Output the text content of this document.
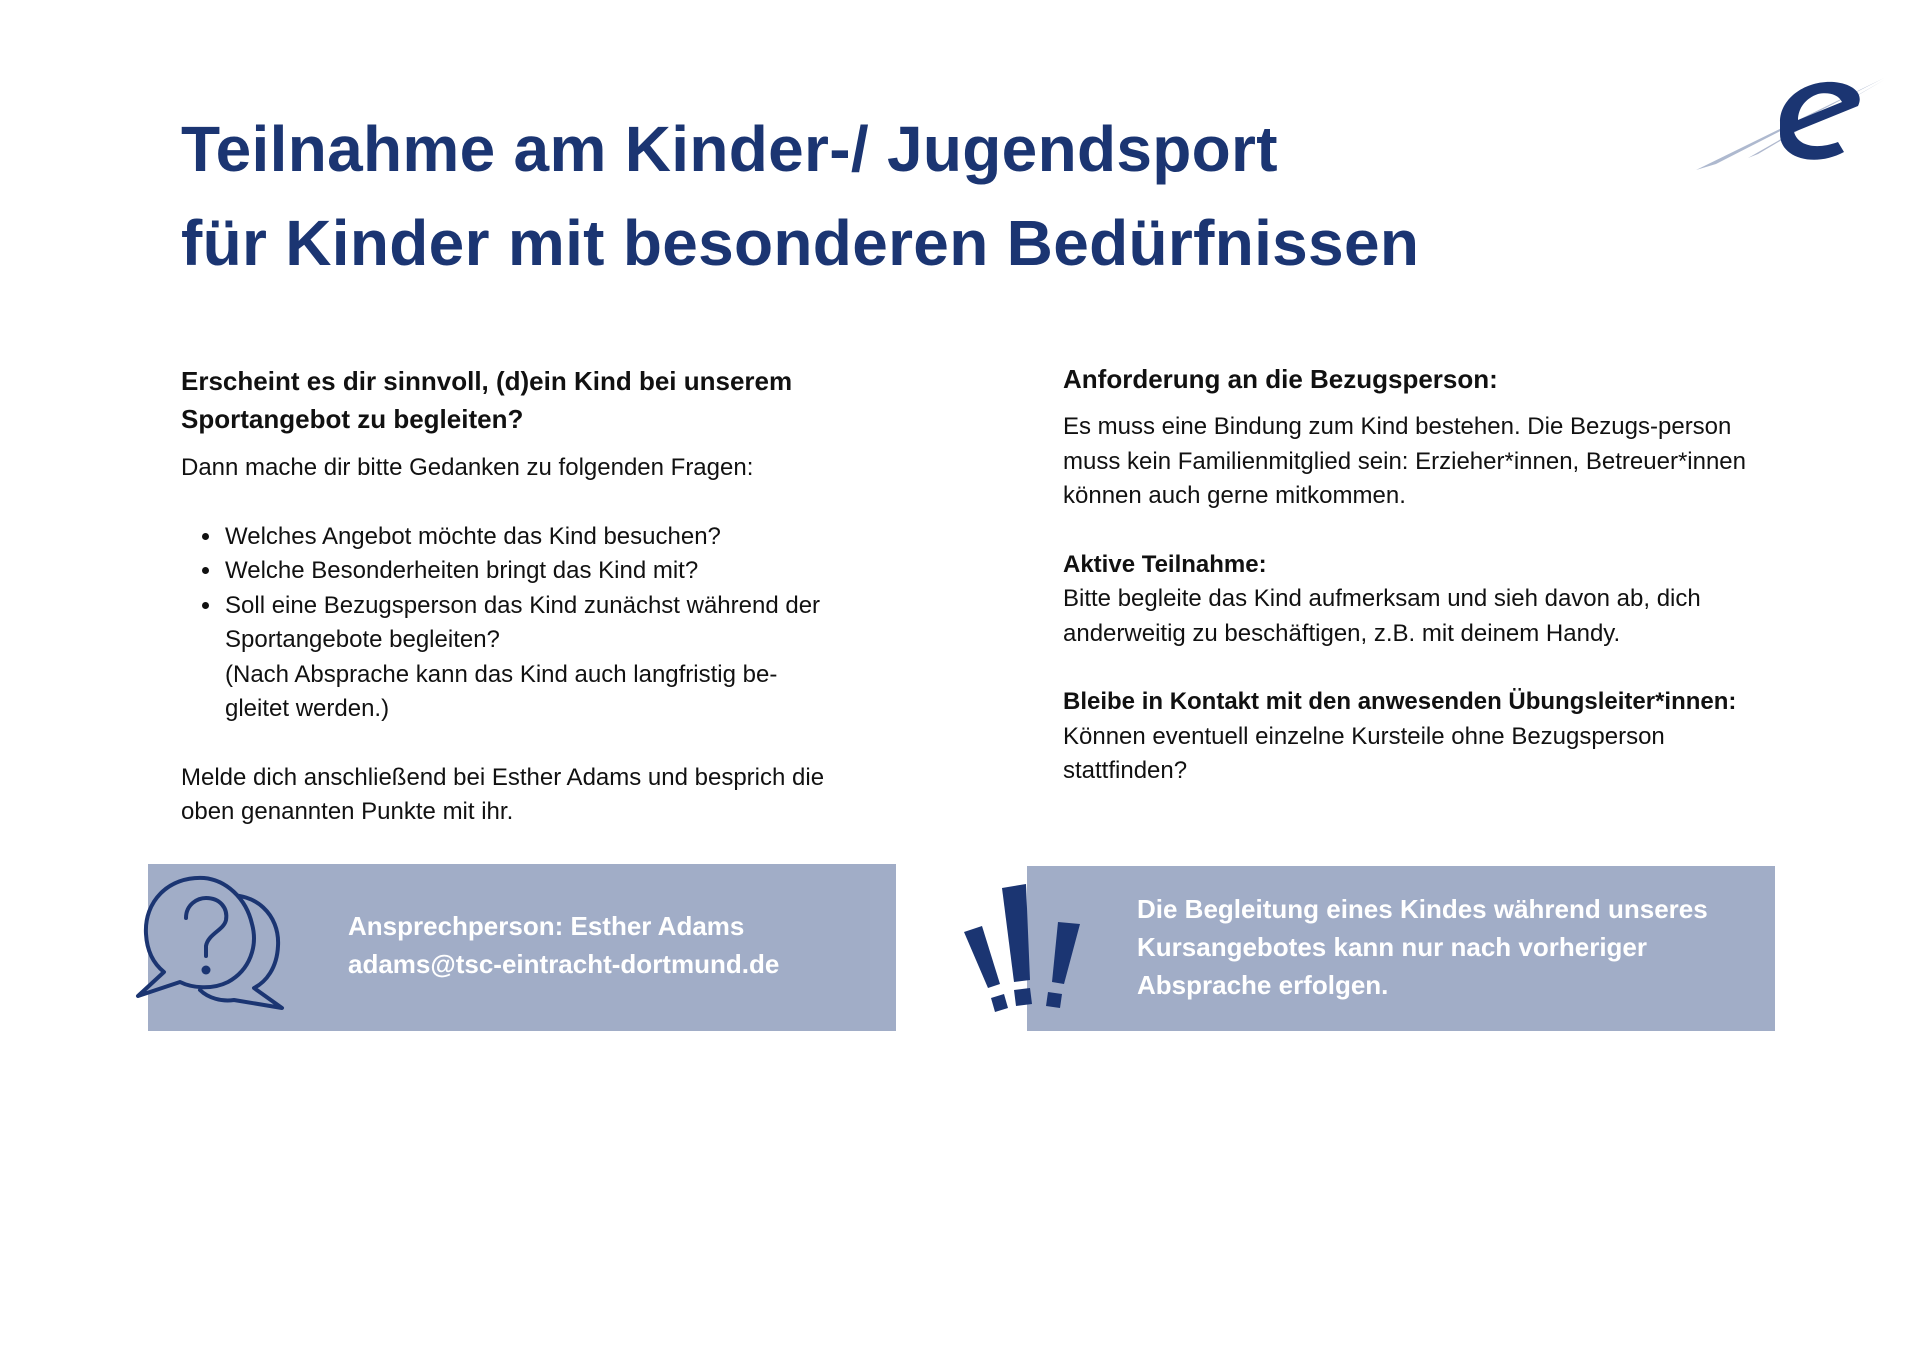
Teilnahme am Kinder-/ Jugendsport
für Kinder mit besonderen Bedürfnissen

Erscheint es dir sinnvoll, (d)ein Kind bei unserem
Sportangebot zu begleiten?

Dann mache dir bitte Gedanken zu folgenden Fragen:

• Welches Angebot möchte das Kind besuchen?
• Welche Besonderheiten bringt das Kind mit?
• Soll eine Bezugsperson das Kind zunächst während der Sportangebote begleiten?
(Nach Absprache kann das Kind auch langfristig be-
gleitet werden.)

Melde dich anschließend bei Esther Adams und besprich die
oben genannten Punkte mit ihr.

Anforderung an die Bezugsperson:

Es muss eine Bindung zum Kind bestehen. Die Bezugs-person
muss kein Familienmitglied sein: Erzieher*innen, Betreuer*innen
können auch gerne mitkommen.

Aktive Teilnahme:

Bitte begleite das Kind aufmerksam und sieh davon ab, dich
anderweitig zu beschäftigen, z.B. mit deinem Handy.

Bleibe in Kontakt mit den anwesenden Übungsleiter*innen:

Können eventuell einzelne Kursteile ohne Bezugsperson
stattfinden?

Ansprechperson: Esther Adams
adams@tsc-eintracht-dortmund.de
Die Begleitung eines Kindes während unseres
Kursangebotes kann nur nach vorheriger
Absprache erfolgen.
